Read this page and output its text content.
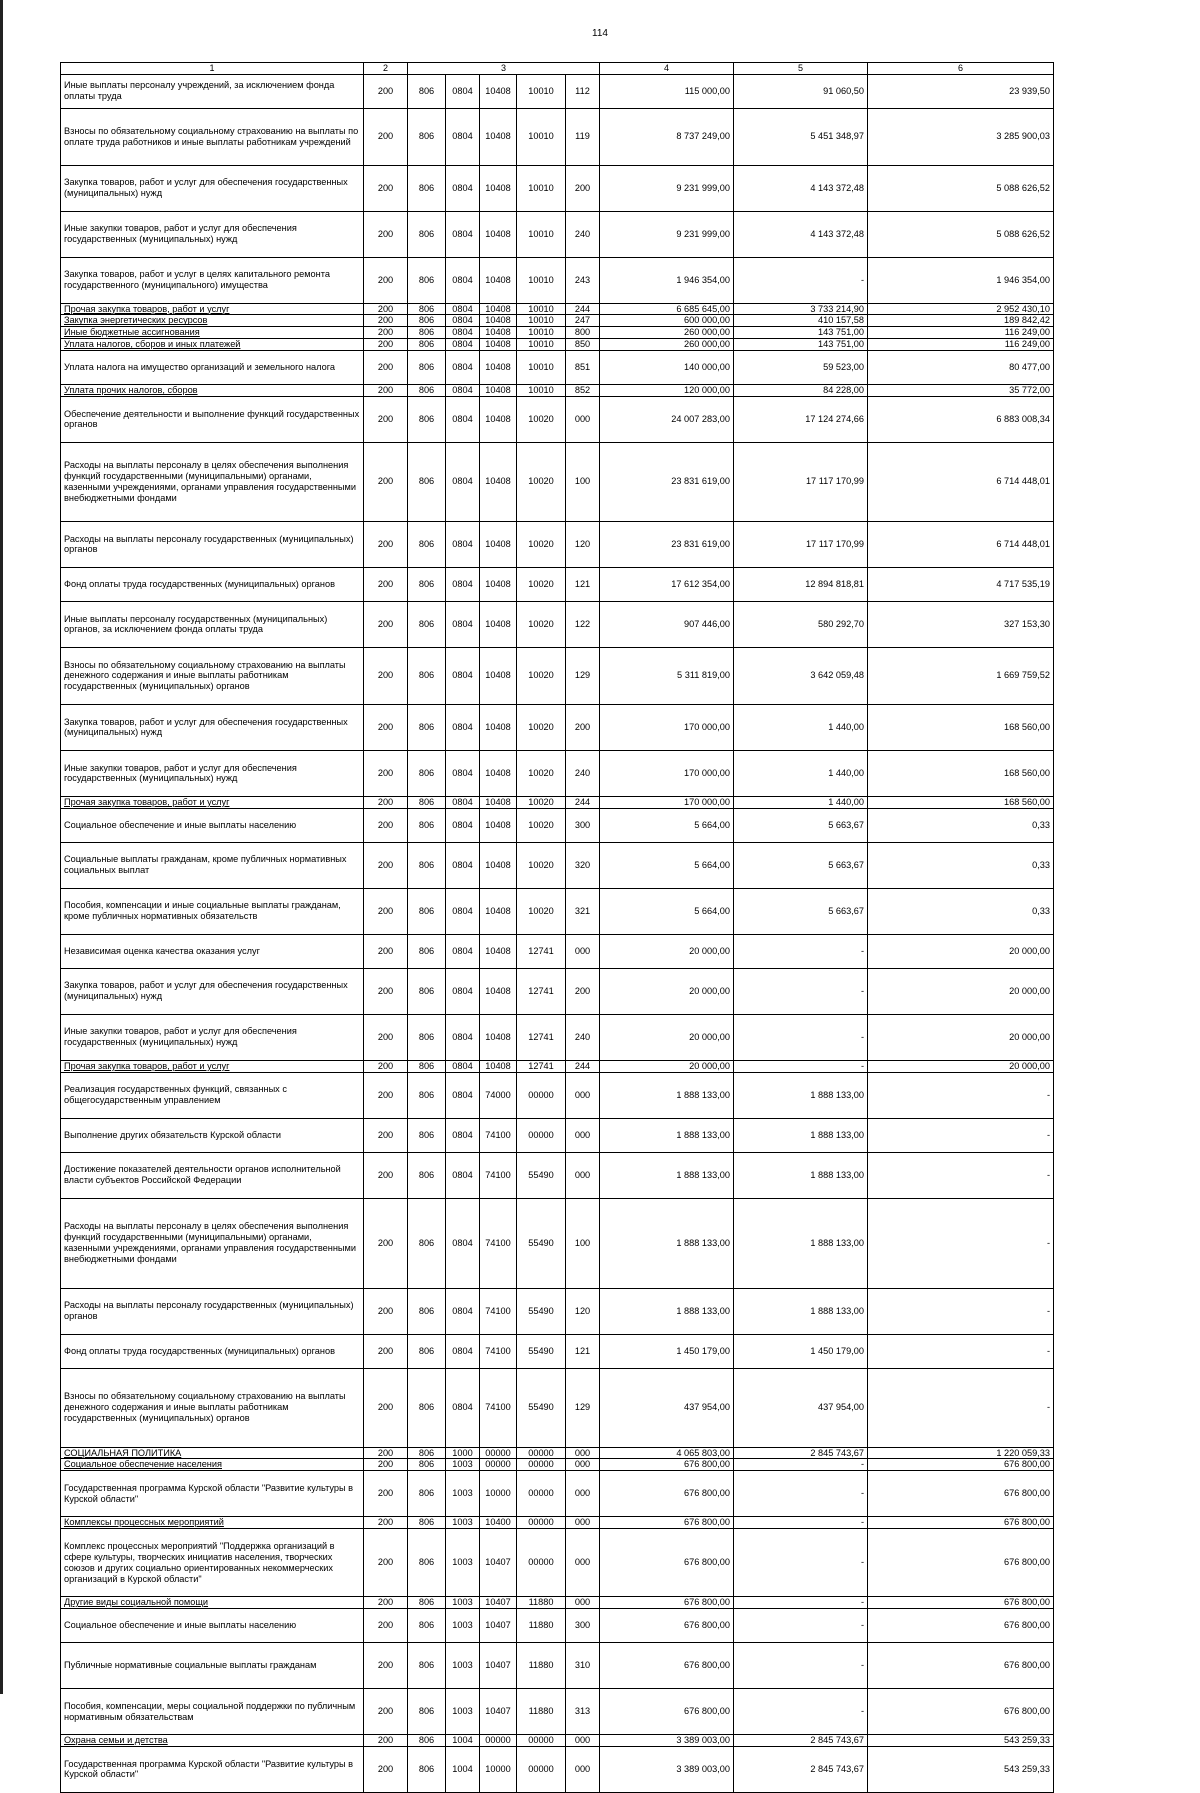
114
1	2	3					4	5	6
Иные выплаты персоналу учреждений, за исключением фонда оплаты труда	200	806	0804	10408	10010	112	115 000,00	91 060,50	23 939,50
Взносы по обязательному социальному страхованию на выплаты по оплате труда работников и иные выплаты работникам учреждений	200	806	0804	10408	10010	119	8 737 249,00	5 451 348,97	3 285 900,03
Закупка товаров, работ и услуг для обеспечения государственных (муниципальных) нужд	200	806	0804	10408	10010	200	9 231 999,00	4 143 372,48	5 088 626,52
Иные закупки товаров, работ и услуг для обеспечения государственных (муниципальных) нужд	200	806	0804	10408	10010	240	9 231 999,00	4 143 372,48	5 088 626,52
Закупка товаров, работ и услуг в целях капитального ремонта государственного (муниципального) имущества	200	806	0804	10408	10010	243	1 946 354,00	-	1 946 354,00
Прочая закупка товаров, работ и услуг	200	806	0804	10408	10010	244	6 685 645,00	3 733 214,90	2 952 430,10
Закупка энергетических ресурсов	200	806	0804	10408	10010	247	600 000,00	410 157,58	189 842,42
Иные бюджетные ассигнования	200	806	0804	10408	10010	800	260 000,00	143 751,00	116 249,00
Уплата налогов, сборов и иных платежей	200	806	0804	10408	10010	850	260 000,00	143 751,00	116 249,00
Уплата налога на имущество организаций и земельного налога	200	806	0804	10408	10010	851	140 000,00	59 523,00	80 477,00
Уплата прочих налогов, сборов	200	806	0804	10408	10010	852	120 000,00	84 228,00	35 772,00
Обеспечение деятельности и выполнение функций государственных органов	200	806	0804	10408	10020	000	24 007 283,00	17 124 274,66	6 883 008,34
Расходы на выплаты персоналу в целях обеспечения выполнения функций государственными (муниципальными) органами, казенными учреждениями, органами управления государственными внебюджетными фондами	200	806	0804	10408	10020	100	23 831 619,00	17 117 170,99	6 714 448,01
Расходы на выплаты персоналу государственных (муниципальных) органов	200	806	0804	10408	10020	120	23 831 619,00	17 117 170,99	6 714 448,01
Фонд оплаты труда государственных (муниципальных) органов	200	806	0804	10408	10020	121	17 612 354,00	12 894 818,81	4 717 535,19
Иные выплаты персоналу государственных (муниципальных) органов, за исключением фонда оплаты труда	200	806	0804	10408	10020	122	907 446,00	580 292,70	327 153,30
Взносы по обязательному социальному страхованию на выплаты денежного содержания и иные выплаты работникам государственных (муниципальных) органов	200	806	0804	10408	10020	129	5 311 819,00	3 642 059,48	1 669 759,52
Закупка товаров, работ и услуг для обеспечения государственных (муниципальных) нужд	200	806	0804	10408	10020	200	170 000,00	1 440,00	168 560,00
Иные закупки товаров, работ и услуг для обеспечения государственных (муниципальных) нужд	200	806	0804	10408	10020	240	170 000,00	1 440,00	168 560,00
Прочая закупка товаров, работ и услуг	200	806	0804	10408	10020	244	170 000,00	1 440,00	168 560,00
Социальное обеспечение и иные выплаты населению	200	806	0804	10408	10020	300	5 664,00	5 663,67	0,33
Социальные выплаты гражданам, кроме публичных нормативных социальных выплат	200	806	0804	10408	10020	320	5 664,00	5 663,67	0,33
Пособия, компенсации и иные социальные выплаты гражданам, кроме публичных нормативных обязательств	200	806	0804	10408	10020	321	5 664,00	5 663,67	0,33
Независимая оценка качества оказания услуг	200	806	0804	10408	12741	000	20 000,00	-	20 000,00
Закупка товаров, работ и услуг для обеспечения государственных (муниципальных) нужд	200	806	0804	10408	12741	200	20 000,00	-	20 000,00
Иные закупки товаров, работ и услуг для обеспечения государственных (муниципальных) нужд	200	806	0804	10408	12741	240	20 000,00	-	20 000,00
Прочая закупка товаров, работ и услуг	200	806	0804	10408	12741	244	20 000,00	-	20 000,00
Реализация государственных функций, связанных с общегосударственным управлением	200	806	0804	74000	00000	000	1 888 133,00	1 888 133,00	-
Выполнение других обязательств Курской области	200	806	0804	74100	00000	000	1 888 133,00	1 888 133,00	-
Достижение показателей деятельности органов исполнительной власти субъектов Российской Федерации	200	806	0804	74100	55490	000	1 888 133,00	1 888 133,00	-
Расходы на выплаты персоналу в целях обеспечения выполнения функций государственными (муниципальными) органами, казенными учреждениями, органами управления государственными внебюджетными фондами	200	806	0804	74100	55490	100	1 888 133,00	1 888 133,00	-
Расходы на выплаты персоналу государственных (муниципальных) органов	200	806	0804	74100	55490	120	1 888 133,00	1 888 133,00	-
Фонд оплаты труда государственных (муниципальных) органов	200	806	0804	74100	55490	121	1 450 179,00	1 450 179,00	-
Взносы по обязательному социальному страхованию на выплаты денежного содержания и иные выплаты работникам государственных (муниципальных) органов	200	806	0804	74100	55490	129	437 954,00	437 954,00	-
СОЦИАЛЬНАЯ ПОЛИТИКА	200	806	1000	00000	00000	000	4 065 803,00	2 845 743,67	1 220 059,33
Социальное обеспечение населения	200	806	1003	00000	00000	000	676 800,00	-	676 800,00
Государственная программа Курской области "Развитие культуры в Курской области"	200	806	1003	10000	00000	000	676 800,00	-	676 800,00
Комплексы процессных мероприятий	200	806	1003	10400	00000	000	676 800,00	-	676 800,00
Комплекс процессных мероприятий "Поддержка организаций в сфере культуры, творческих инициатив населения, творческих союзов и других социально ориентированных некоммерческих организаций в Курской области"	200	806	1003	10407	00000	000	676 800,00	-	676 800,00
Другие виды социальной помощи	200	806	1003	10407	11880	000	676 800,00	-	676 800,00
Социальное обеспечение и иные выплаты населению	200	806	1003	10407	11880	300	676 800,00	-	676 800,00
Публичные нормативные социальные выплаты гражданам	200	806	1003	10407	11880	310	676 800,00	-	676 800,00
Пособия, компенсации, меры социальной поддержки по публичным нормативным обязательствам	200	806	1003	10407	11880	313	676 800,00	-	676 800,00
Охрана семьи и детства	200	806	1004	00000	00000	000	3 389 003,00	2 845 743,67	543 259,33
Государственная программа Курской области "Развитие культуры в Курской области"	200	806	1004	10000	00000	000	3 389 003,00	2 845 743,67	543 259,33
